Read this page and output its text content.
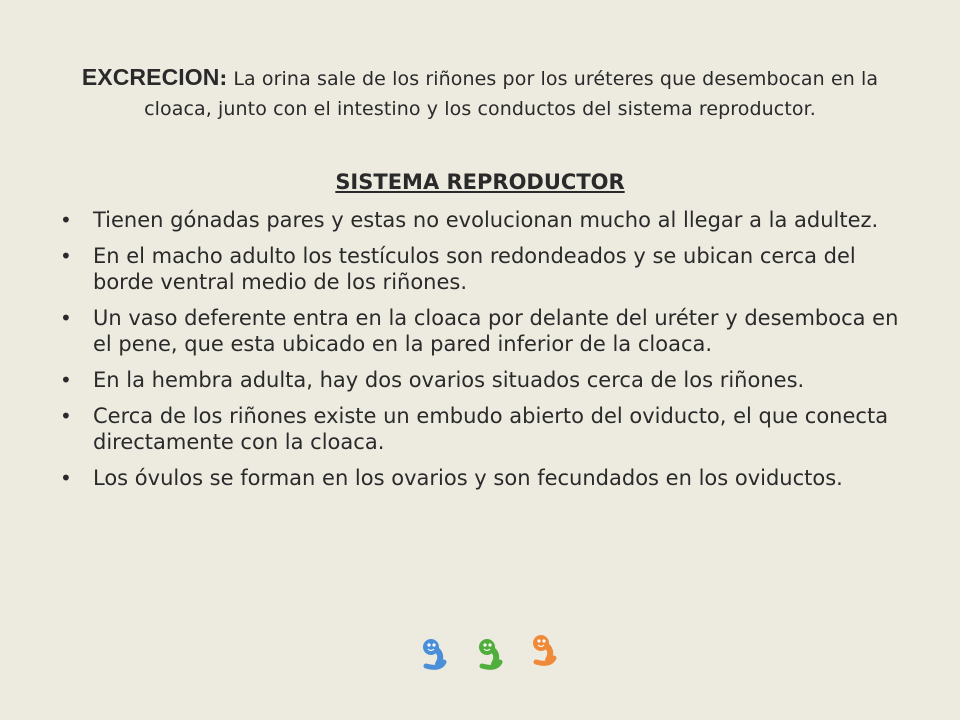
EXCRECION: La orina sale de los riñones por los uréteres que desembocan en la cloaca, junto con el intestino y los conductos del sistema reproductor.
SISTEMA REPRODUCTOR
• Tienen gónadas pares y estas no evolucionan mucho al llegar a la adultez.
• En el macho adulto los testículos son redondeados y se ubican cerca del borde ventral medio de los riñones.
• Un vaso deferente entra en la cloaca por delante del uréter y desemboca en el pene, que esta ubicado en la pared inferior de la cloaca.
• En la hembra adulta, hay dos ovarios situados cerca de los riñones.
• Cerca de los riñones existe un embudo abierto del oviducto, el que conecta directamente con la cloaca.
• Los óvulos se forman en los ovarios y son fecundados en los oviductos.
